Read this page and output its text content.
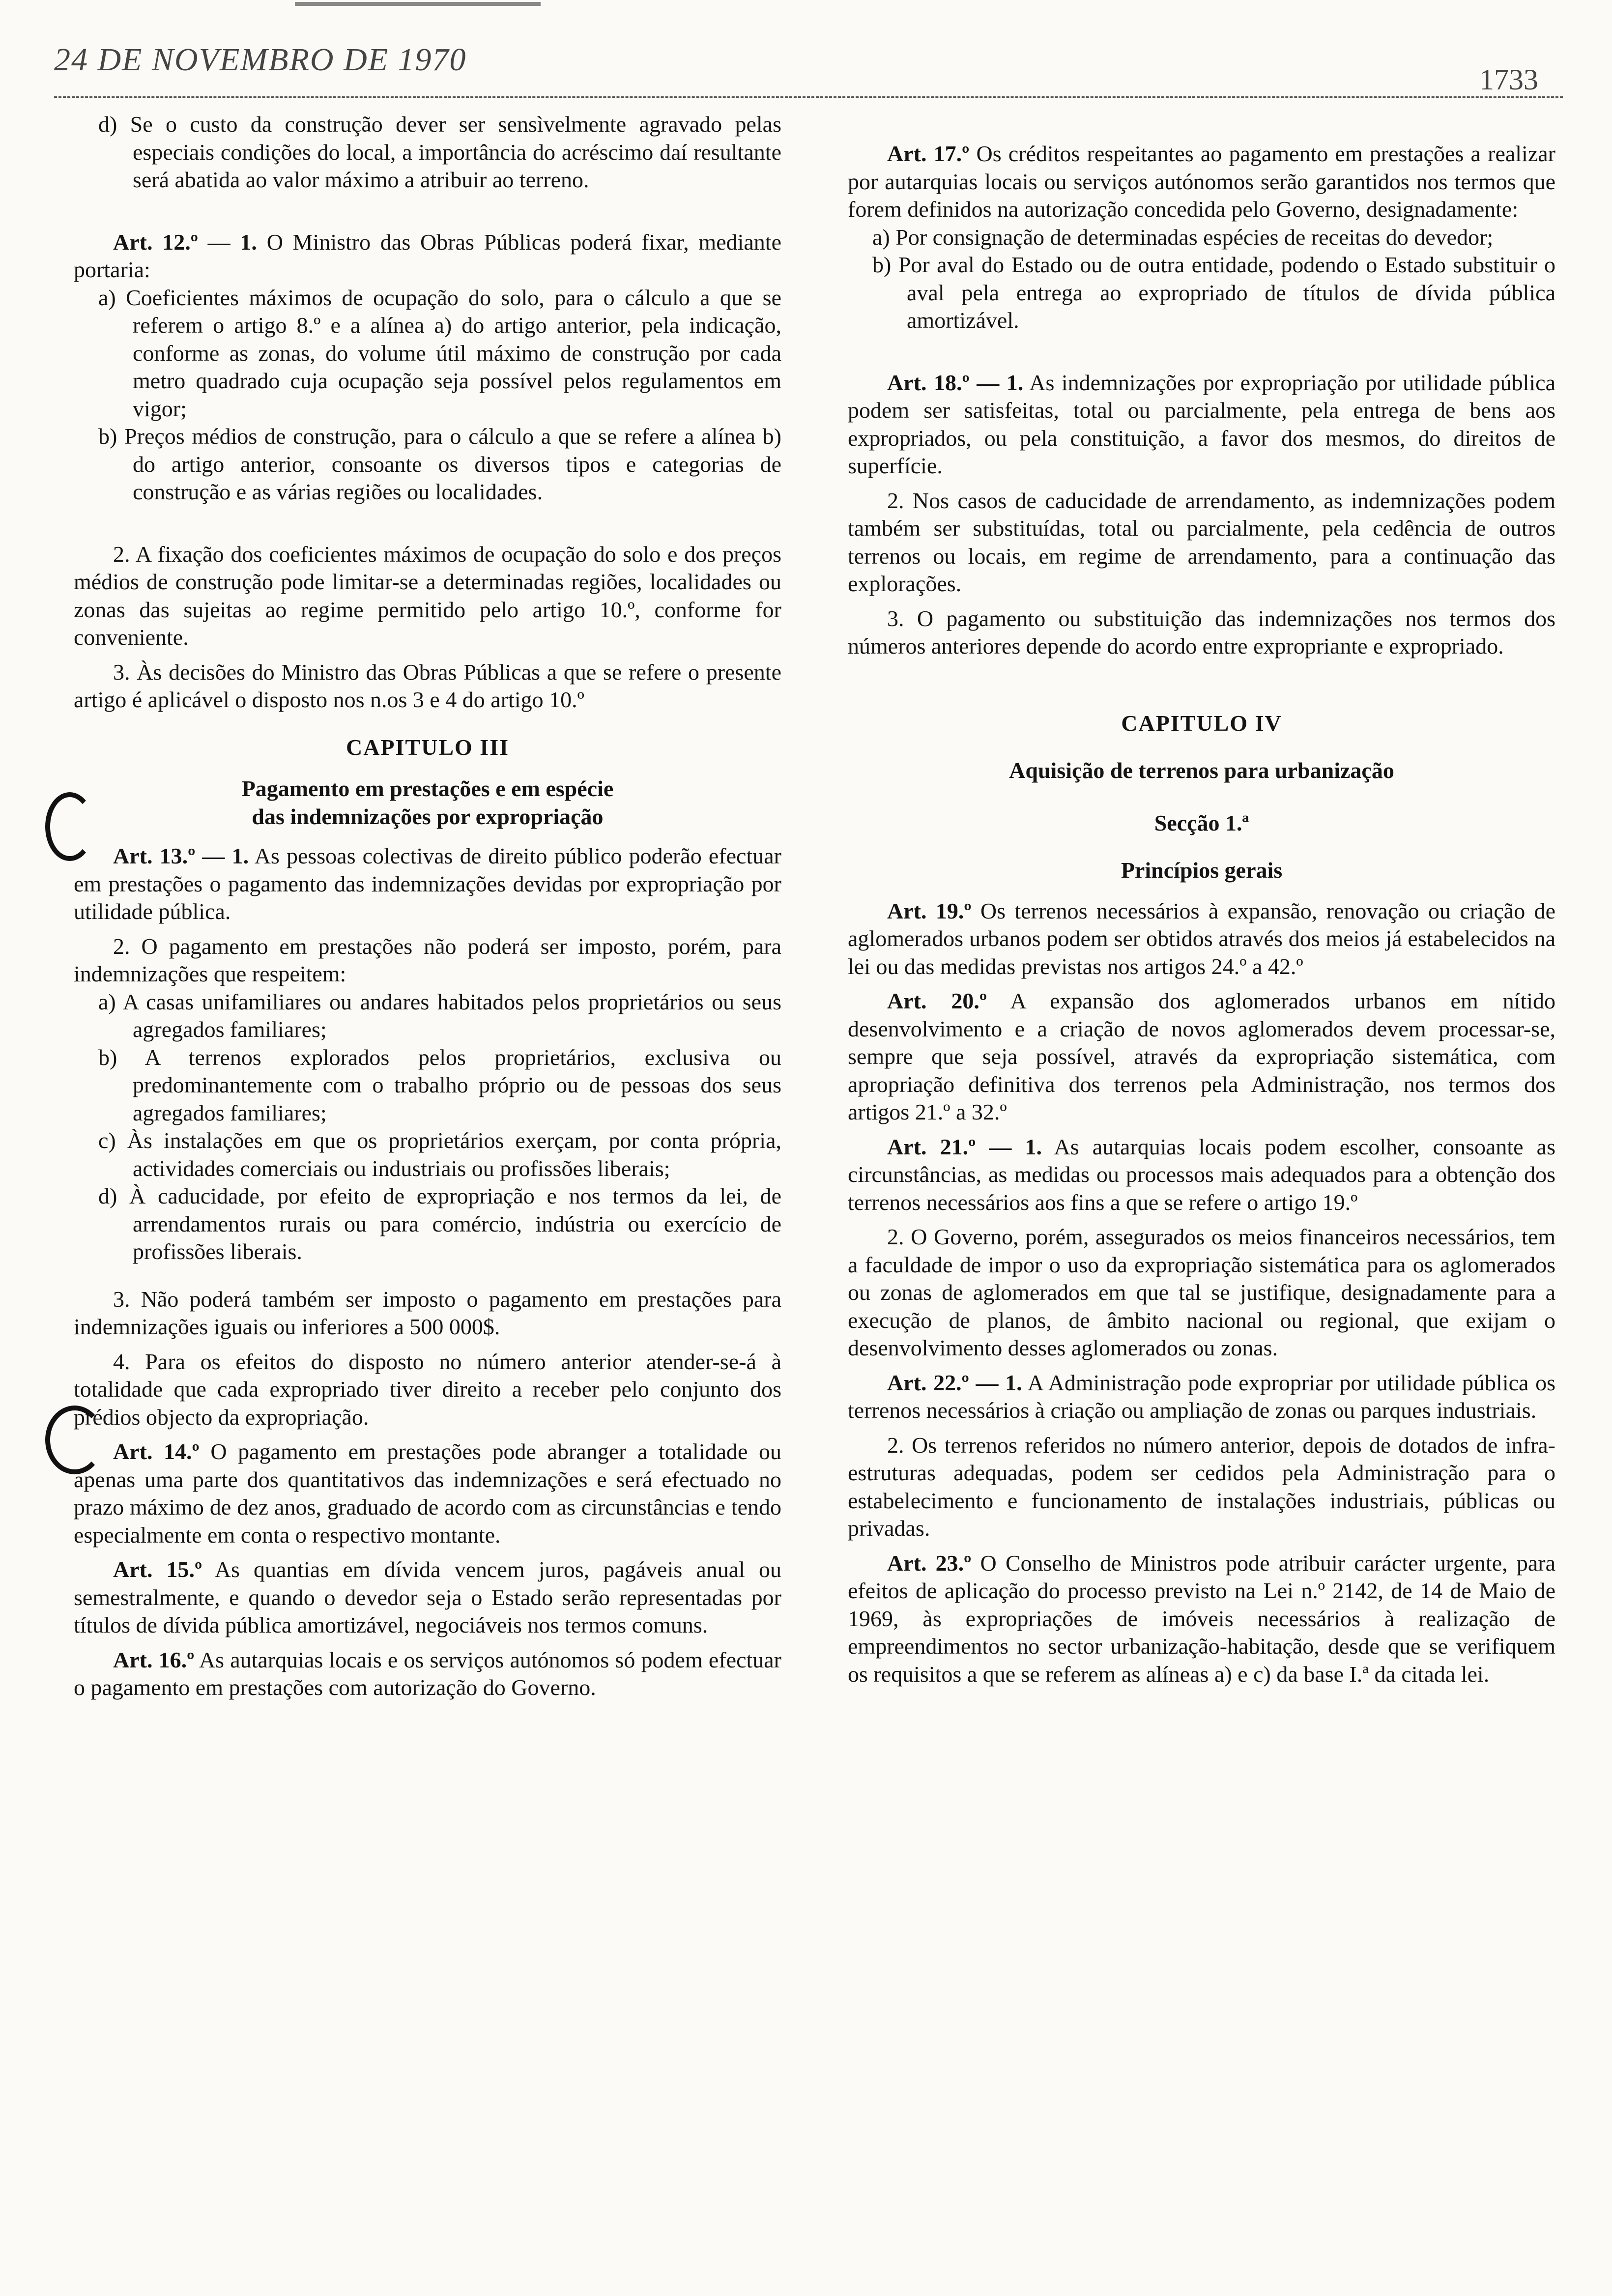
24 DE NOVEMBRO DE 1970
1733

d) Se o custo da construção dever ser sensìvelmente agravado pelas especiais condições do local, a importância do acréscimo daí resultante será abatida ao valor máximo a atribuir ao terreno.

Art. 12.º — 1. O Ministro das Obras Públicas poderá fixar, mediante portaria:

a) Coeficientes máximos de ocupação do solo, para o cálculo a que se referem o artigo 8.º e a alínea a) do artigo anterior, pela indicação, conforme as zonas, do volume útil máximo de construção por cada metro quadrado cuja ocupação seja possível pelos regulamentos em vigor;

b) Preços médios de construção, para o cálculo a que se refere a alínea b) do artigo anterior, consoante os diversos tipos e categorias de construção e as várias regiões ou localidades.

2. A fixação dos coeficientes máximos de ocupação do solo e dos preços médios de construção pode limitar-se a determinadas regiões, localidades ou zonas das sujeitas ao regime permitido pelo artigo 10.º, conforme for conveniente.

3. Às decisões do Ministro das Obras Públicas a que se refere o presente artigo é aplicável o disposto nos n.os 3 e 4 do artigo 10.º

CAPITULO III

Pagamento em prestações e em espécie

das indemnizações por expropriação

Art. 13.º — 1. As pessoas colectivas de direito público poderão efectuar em prestações o pagamento das indemnizações devidas por expropriação por utilidade pública.

2. O pagamento em prestações não poderá ser imposto, porém, para indemnizações que respeitem:

a) A casas unifamiliares ou andares habitados pelos proprietários ou seus agregados familiares;

b) A terrenos explorados pelos proprietários, exclusiva ou predominantemente com o trabalho próprio ou de pessoas dos seus agregados familiares;

c) Às instalações em que os proprietários exerçam, por conta própria, actividades comerciais ou industriais ou profissões liberais;

d) À caducidade, por efeito de expropriação e nos termos da lei, de arrendamentos rurais ou para comércio, indústria ou exercício de profissões liberais.

3. Não poderá também ser imposto o pagamento em prestações para indemnizações iguais ou inferiores a 500 000$.

4. Para os efeitos do disposto no número anterior atender-se-á à totalidade que cada expropriado tiver direito a receber pelo conjunto dos prédios objecto da expropriação.

Art. 14.º O pagamento em prestações pode abranger a totalidade ou apenas uma parte dos quantitativos das indemnizações e será efectuado no prazo máximo de dez anos, graduado de acordo com as circunstâncias e tendo especialmente em conta o respectivo montante.

Art. 15.º As quantias em dívida vencem juros, pagáveis anual ou semestralmente, e quando o devedor seja o Estado serão representadas por títulos de dívida pública amortizável, negociáveis nos termos comuns.

Art. 16.º As autarquias locais e os serviços autónomos só podem efectuar o pagamento em prestações com autorização do Governo.

Art. 17.º Os créditos respeitantes ao pagamento em prestações a realizar por autarquias locais ou serviços autónomos serão garantidos nos termos que forem definidos na autorização concedida pelo Governo, designadamente:

a) Por consignação de determinadas espécies de receitas do devedor;

b) Por aval do Estado ou de outra entidade, podendo o Estado substituir o aval pela entrega ao expropriado de títulos de dívida pública amortizável.

Art. 18.º — 1. As indemnizações por expropriação por utilidade pública podem ser satisfeitas, total ou parcialmente, pela entrega de bens aos expropriados, ou pela constituição, a favor dos mesmos, do direitos de superfície.

2. Nos casos de caducidade de arrendamento, as indemnizações podem também ser substituídas, total ou parcialmente, pela cedência de outros terrenos ou locais, em regime de arrendamento, para a continuação das explorações.

3. O pagamento ou substituição das indemnizações nos termos dos números anteriores depende do acordo entre expropriante e expropriado.

CAPITULO IV

Aquisição de terrenos para urbanização

Secção 1.ª

Princípios gerais

Art. 19.º Os terrenos necessários à expansão, renovação ou criação de aglomerados urbanos podem ser obtidos através dos meios já estabelecidos na lei ou das medidas previstas nos artigos 24.º a 42.º

Art. 20.º A expansão dos aglomerados urbanos em nítido desenvolvimento e a criação de novos aglomerados devem processar-se, sempre que seja possível, através da expropriação sistemática, com apropriação definitiva dos terrenos pela Administração, nos termos dos artigos 21.º a 32.º

Art. 21.º — 1. As autarquias locais podem escolher, consoante as circunstâncias, as medidas ou processos mais adequados para a obtenção dos terrenos necessários aos fins a que se refere o artigo 19.º

2. O Governo, porém, assegurados os meios financeiros necessários, tem a faculdade de impor o uso da expropriação sistemática para os aglomerados ou zonas de aglomerados em que tal se justifique, designadamente para a execução de planos, de âmbito nacional ou regional, que exijam o desenvolvimento desses aglomerados ou zonas.

Art. 22.º — 1. A Administração pode expropriar por utilidade pública os terrenos necessários à criação ou ampliação de zonas ou parques industriais.

2. Os terrenos referidos no número anterior, depois de dotados de infra-estruturas adequadas, podem ser cedidos pela Administração para o estabelecimento e funcionamento de instalações industriais, públicas ou privadas.

Art. 23.º O Conselho de Ministros pode atribuir carácter urgente, para efeitos de aplicação do processo previsto na Lei n.º 2142, de 14 de Maio de 1969, às expropriações de imóveis necessários à realização de empreendimentos no sector urbanização-habitação, desde que se verifiquem os requisitos a que se referem as alíneas a) e c) da base I.ª da citada lei.
